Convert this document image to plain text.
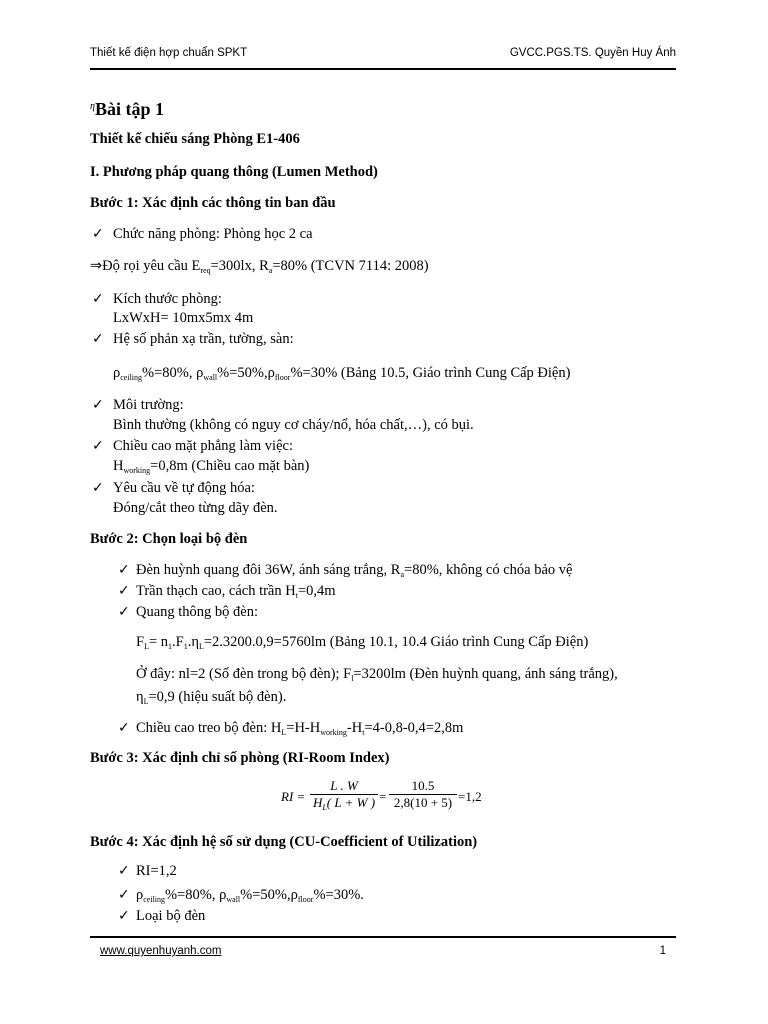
Thiết kế điện hợp chuẩn SPKT	GVCC.PGS.TS. Quyền Huy Ánh
$^\eta$Bài tập 1
Thiết kế chiếu sáng Phòng E1-406
I. Phương pháp quang thông (Lumen Method)
Bước 1: Xác định các thông tin ban đầu
✓ Chức năng phòng: Phòng học 2 ca
⇒Độ rọi yêu cầu $E_{req}=300lx$, $R_a=80\%$ (TCVN 7114: 2008)
✓ Kích thước phòng:
LxWxH= 10mx5mx 4m
✓ Hệ số phản xạ trần, tường, sàn:
$\rho_{ceiling}\%=80\%$, $\rho_{wall}\%=50\%,\rho_{floor}\%=30\%$ (Bảng 10.5, Giáo trình Cung Cấp Điện)
✓ Môi trường:
Bình thường (không có nguy cơ cháy/nổ, hóa chất,…), có bụi.
✓ Chiều cao mặt phẳng làm việc:
$H_{working}=0,8m$ (Chiều cao mặt bàn)
✓ Yêu cầu về tự động hóa:
Đóng/cắt theo từng dãy đèn.
Bước 2: Chọn loại bộ đèn
✓ Đèn huỳnh quang đôi 36W, ánh sáng trắng, $R_a=80\%$, không có chóa bảo vệ
✓ Trần thạch cao, cách trần $H_t=0,4m$
✓ Quang thông bộ đèn:
$F_L= n_1.F_1.\eta_L=2.3200.0,9=5760lm$ (Bảng 10.1, 10.4 Giáo trình Cung Cấp Điện)
Ở đây: nl=2 (Số đèn trong bộ đèn); $F_l=3200lm$ (Đèn huỳnh quang, ánh sáng trắng),
$\eta_L=0,9$ (hiệu suất bộ đèn).
✓ Chiều cao treo bộ đèn: $H_L=H-H_{working}-H_t=4-0,8-0,4=2,8m$
Bước 3: Xác định chỉ số phòng (RI-Room Index)
RI = $\frac{L . W}{H_L( L + W )} = \frac{10.5}{2,8(10 + 5)} =1,2$
Bước 4: Xác định hệ số sử dụng (CU-Coefficient of Utilization)
✓ RI=1,2
✓ $\rho_{ceiling}\%=80\%$, $\rho_{wall}\%=50\%,\rho_{floor}\%=30\%$.
✓ Loại bộ đèn
www.quyenhuyanh.com	1
